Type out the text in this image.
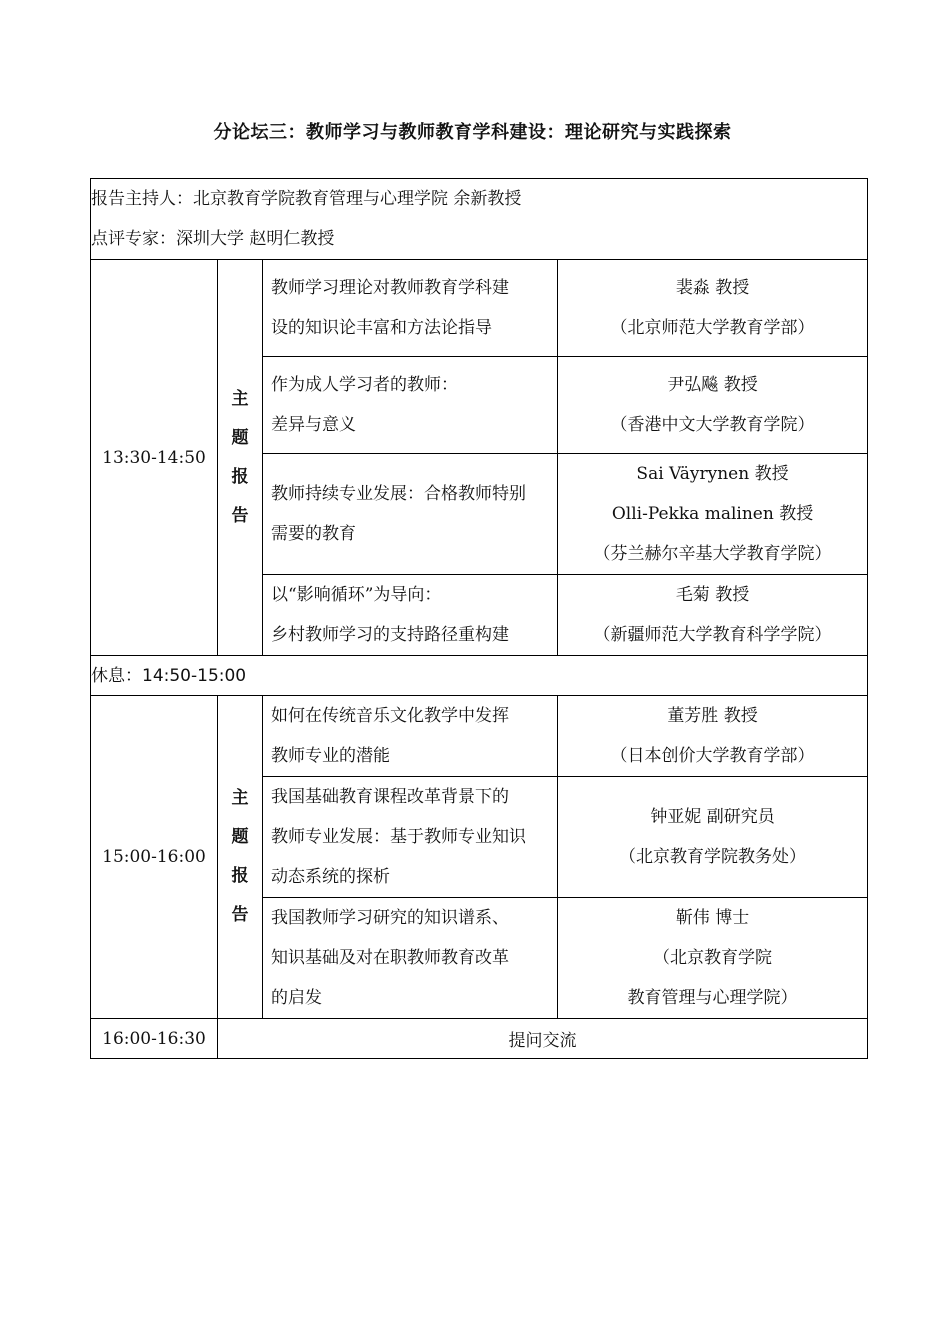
分论坛三：教师学习与教师教育学科建设：理论研究与实践探索
报告主持人：北京教育学院教育管理与心理学院 余新教授
点评专家：深圳大学 赵明仁教授			

13:30-14:50	主
题
报
告	教师学习理论对教师教育学科建
设的知识论丰富和方法论指导	裴淼 教授
（北京师范大学教育学部）

		作为成人学习者的教师：
差异与意义	尹弘飚 教授
（香港中文大学教育学院）

		教师持续专业发展：合格教师特别
需要的教育	Sai Väyrynen 教授
Olli-Pekka malinen 教授
（芬兰赫尔辛基大学教育学院）

		以“影响循环”为导向：
乡村教师学习的支持路径重构建	毛菊 教授
（新疆师范大学教育科学学院）

休息：14:50-15:00			
15:00-16:00	主
题
报
告	如何在传统音乐文化教学中发挥
教师专业的潜能	董芳胜 教授
（日本创价大学教育学部）

		我国基础教育课程改革背景下的
教师专业发展：基于教师专业知识
动态系统的探析	钟亚妮 副研究员
（北京教育学院教务处）

		我国教师学习研究的知识谱系、
知识基础及对在职教师教育改革
的启发	靳伟 博士
（北京教育学院
教育管理与心理学院）

16:00-16:30	提问交流		
